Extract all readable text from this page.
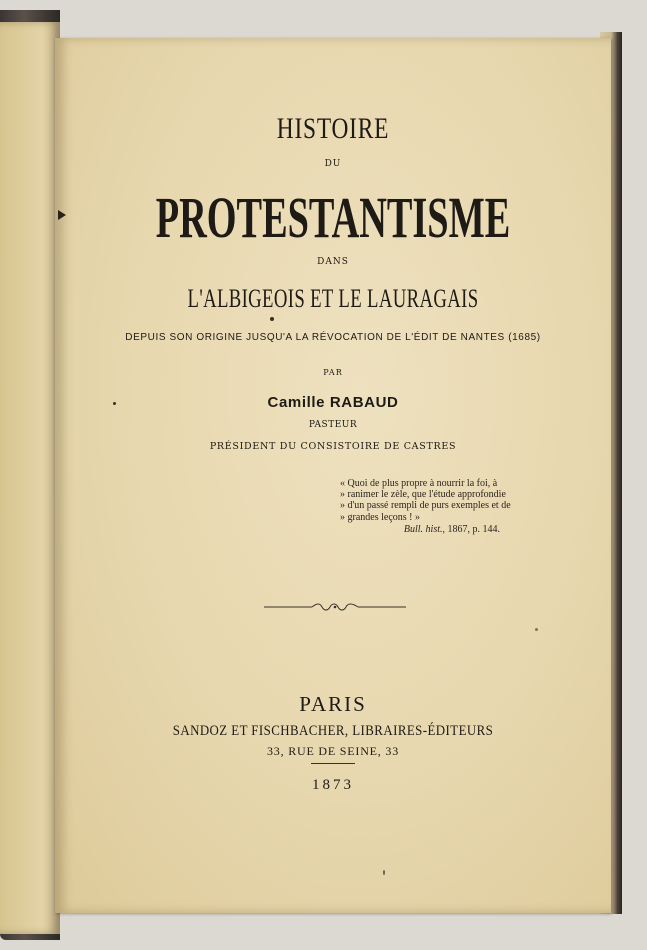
HISTOIRE
DU
PROTESTANTISME
DANS
L'ALBIGEOIS ET LE LAURAGAIS
DEPUIS SON ORIGINE JUSQU'A LA RÉVOCATION DE L'ÉDIT DE NANTES (1685)
PAR
Camille RABAUD
PASTEUR
PRÉSIDENT DU CONSISTOIRE DE CASTRES
« Quoi de plus propre à nourrir la foi, à
» ranimer le zèle, que l'étude approfondie
» d'un passé rempli de purs exemples et de
» grandes leçons ! »
Bull. hist., 1867, p. 144.
PARIS
SANDOZ ET FISCHBACHER, LIBRAIRES-ÉDITEURS
33, RUE DE SEINE, 33
1873
